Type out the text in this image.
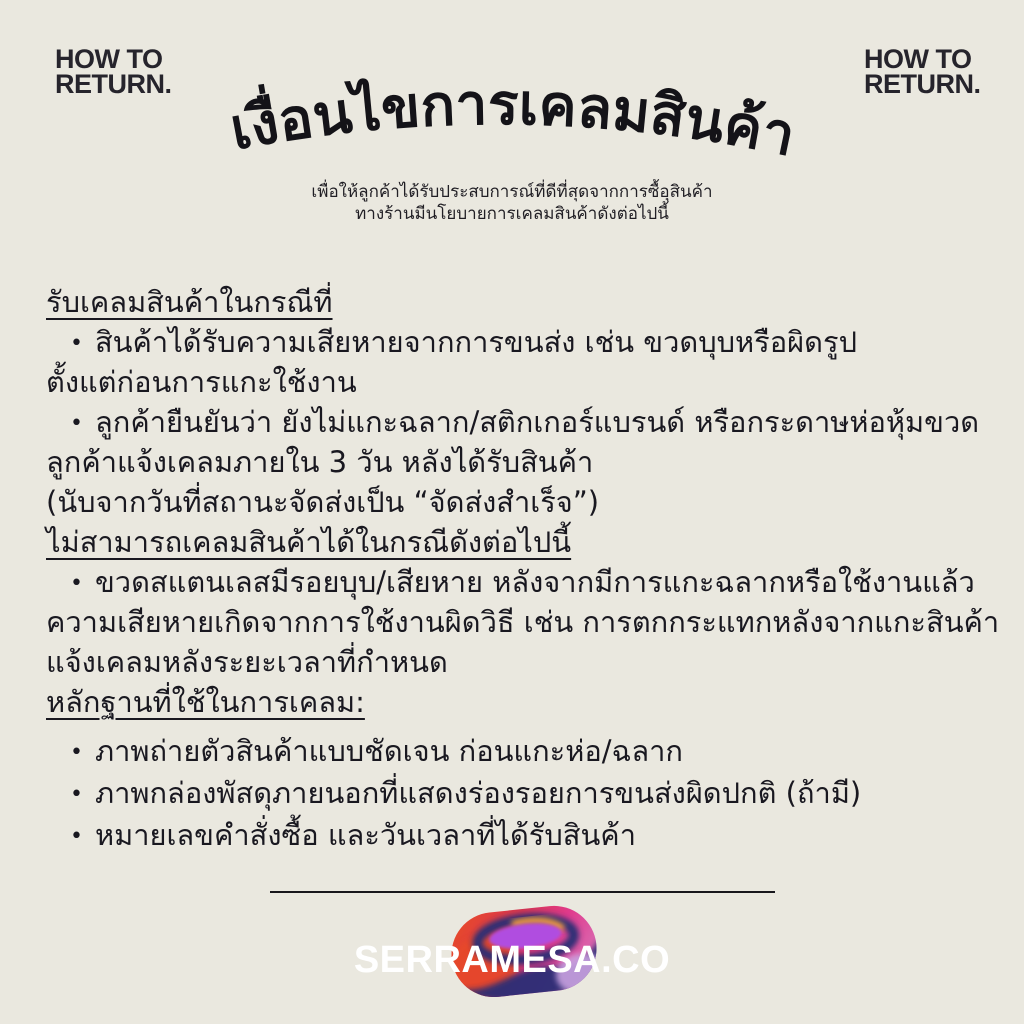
HOW TO
RETURN.
HOW TO
RETURN.
เงื่อนไขการเคลมสินค้า
เพื่อให้ลูกค้าได้รับประสบการณ์ที่ดีที่สุดจากการซื้อุสินค้า
ทางร้านมีนโยบายการเคลมสินค้าดังต่อไปนี้
รับเคลมสินค้าในกรณีที่
• สินค้าได้รับความเสียหายจากการขนส่ง เช่น ขวดบุบหรือผิดรูป
ตั้งแต่ก่อนการแกะใช้งาน
• ลูกค้ายืนยันว่า ยังไม่แกะฉลาก/สติกเกอร์แบรนด์ หรือกระดาษห่อหุ้มขวด
ลูกค้าแจ้งเคลมภายใน 3 วัน หลังได้รับสินค้า
(นับจากวันที่สถานะจัดส่งเป็น “จัดส่งสำเร็จ”)
ไม่สามารถเคลมสินค้าได้ในกรณีดังต่อไปนี้
• ขวดสแตนเลสมีรอยบุบ/เสียหาย หลังจากมีการแกะฉลากหรือใช้งานแล้ว
ความเสียหายเกิดจากการใช้งานผิดวิธี เช่น การตกกระแทกหลังจากแกะสินค้า
แจ้งเคลมหลังระยะเวลาที่กำหนด
หลักฐานที่ใช้ในการเคลม:
• ภาพถ่ายตัวสินค้าแบบชัดเจน ก่อนแกะห่อ/ฉลาก
• ภาพกล่องพัสดุภายนอกที่แสดงร่องรอยการขนส่งผิดปกติ (ถ้ามี)
• หมายเลขคำสั่งซื้อ และวันเวลาที่ได้รับสินค้า
SERRAMESA.CO
